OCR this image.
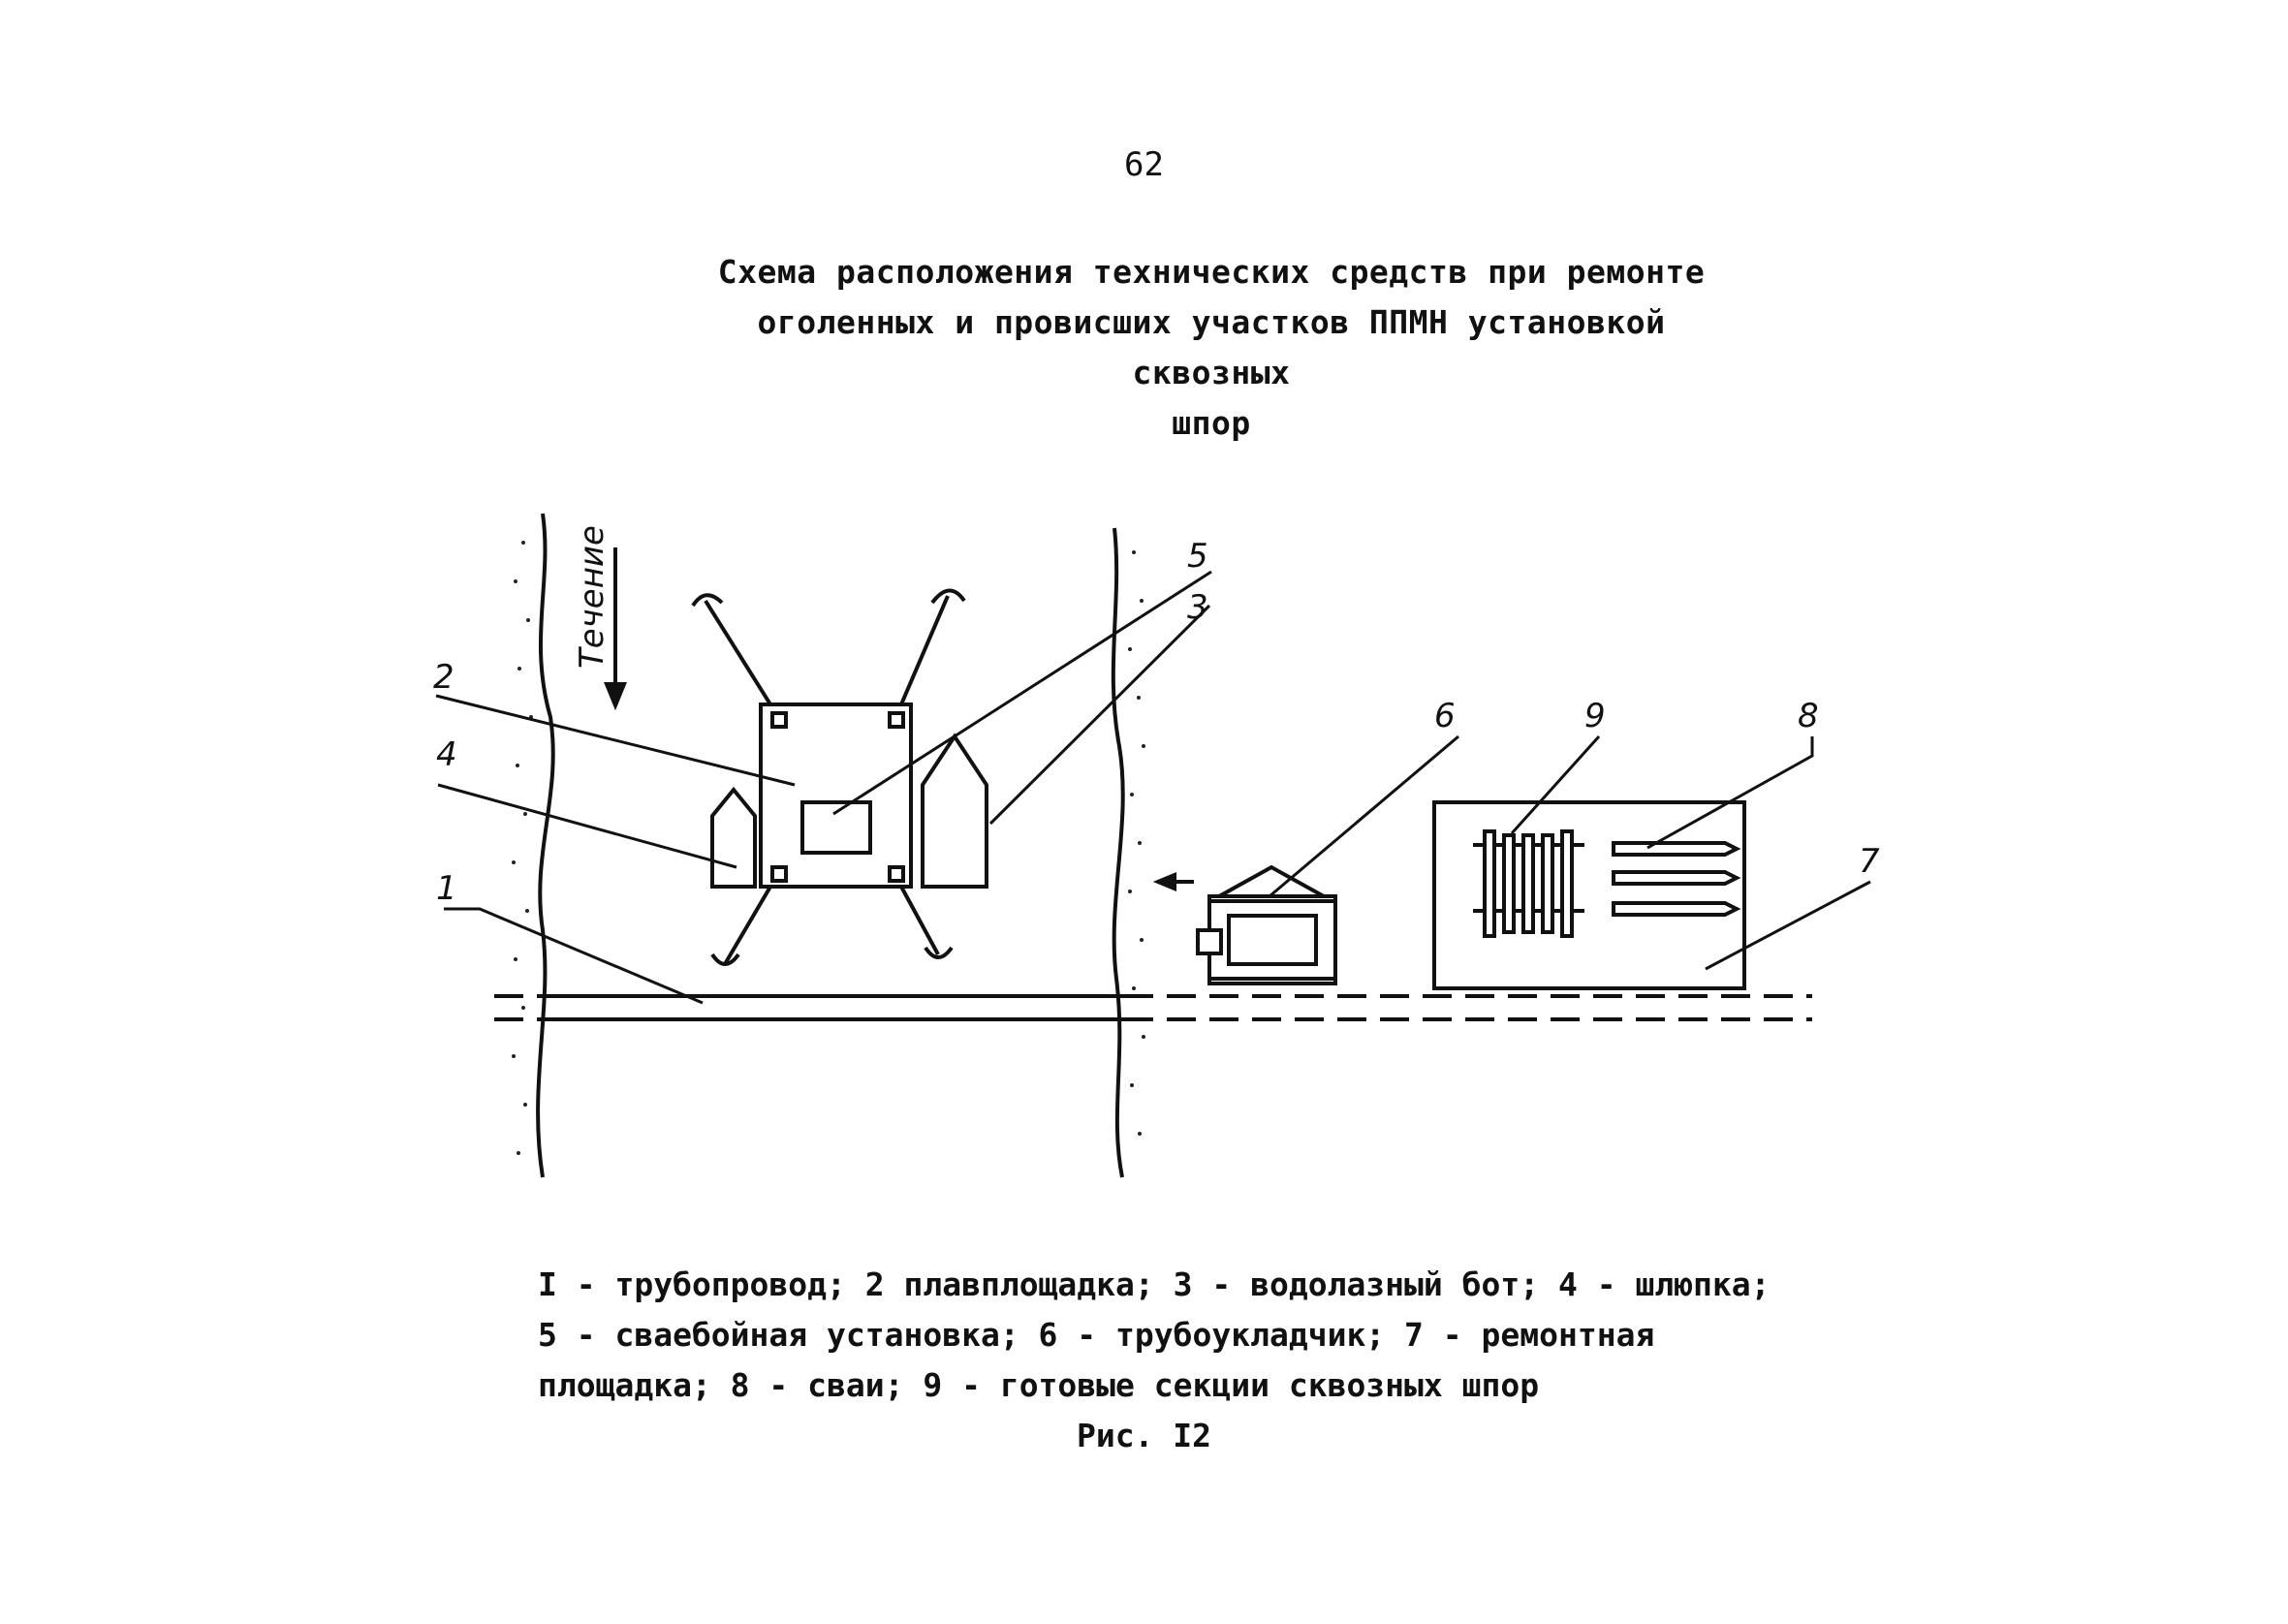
62
Схема расположения технических средств при ремонте
оголенных и провисших участков ППМН установкой сквозных
шпор
Течение
1
2
3
4
5
6
7
8
9
I - трубопровод; 2 плавплощадка; 3 - водолазный бот; 4 - шлюпка;
5 - сваебойная установка; 6 - трубоукладчик; 7 - ремонтная
площадка; 8 - сваи; 9 - готовые секции сквозных шпор
Рис. I2
